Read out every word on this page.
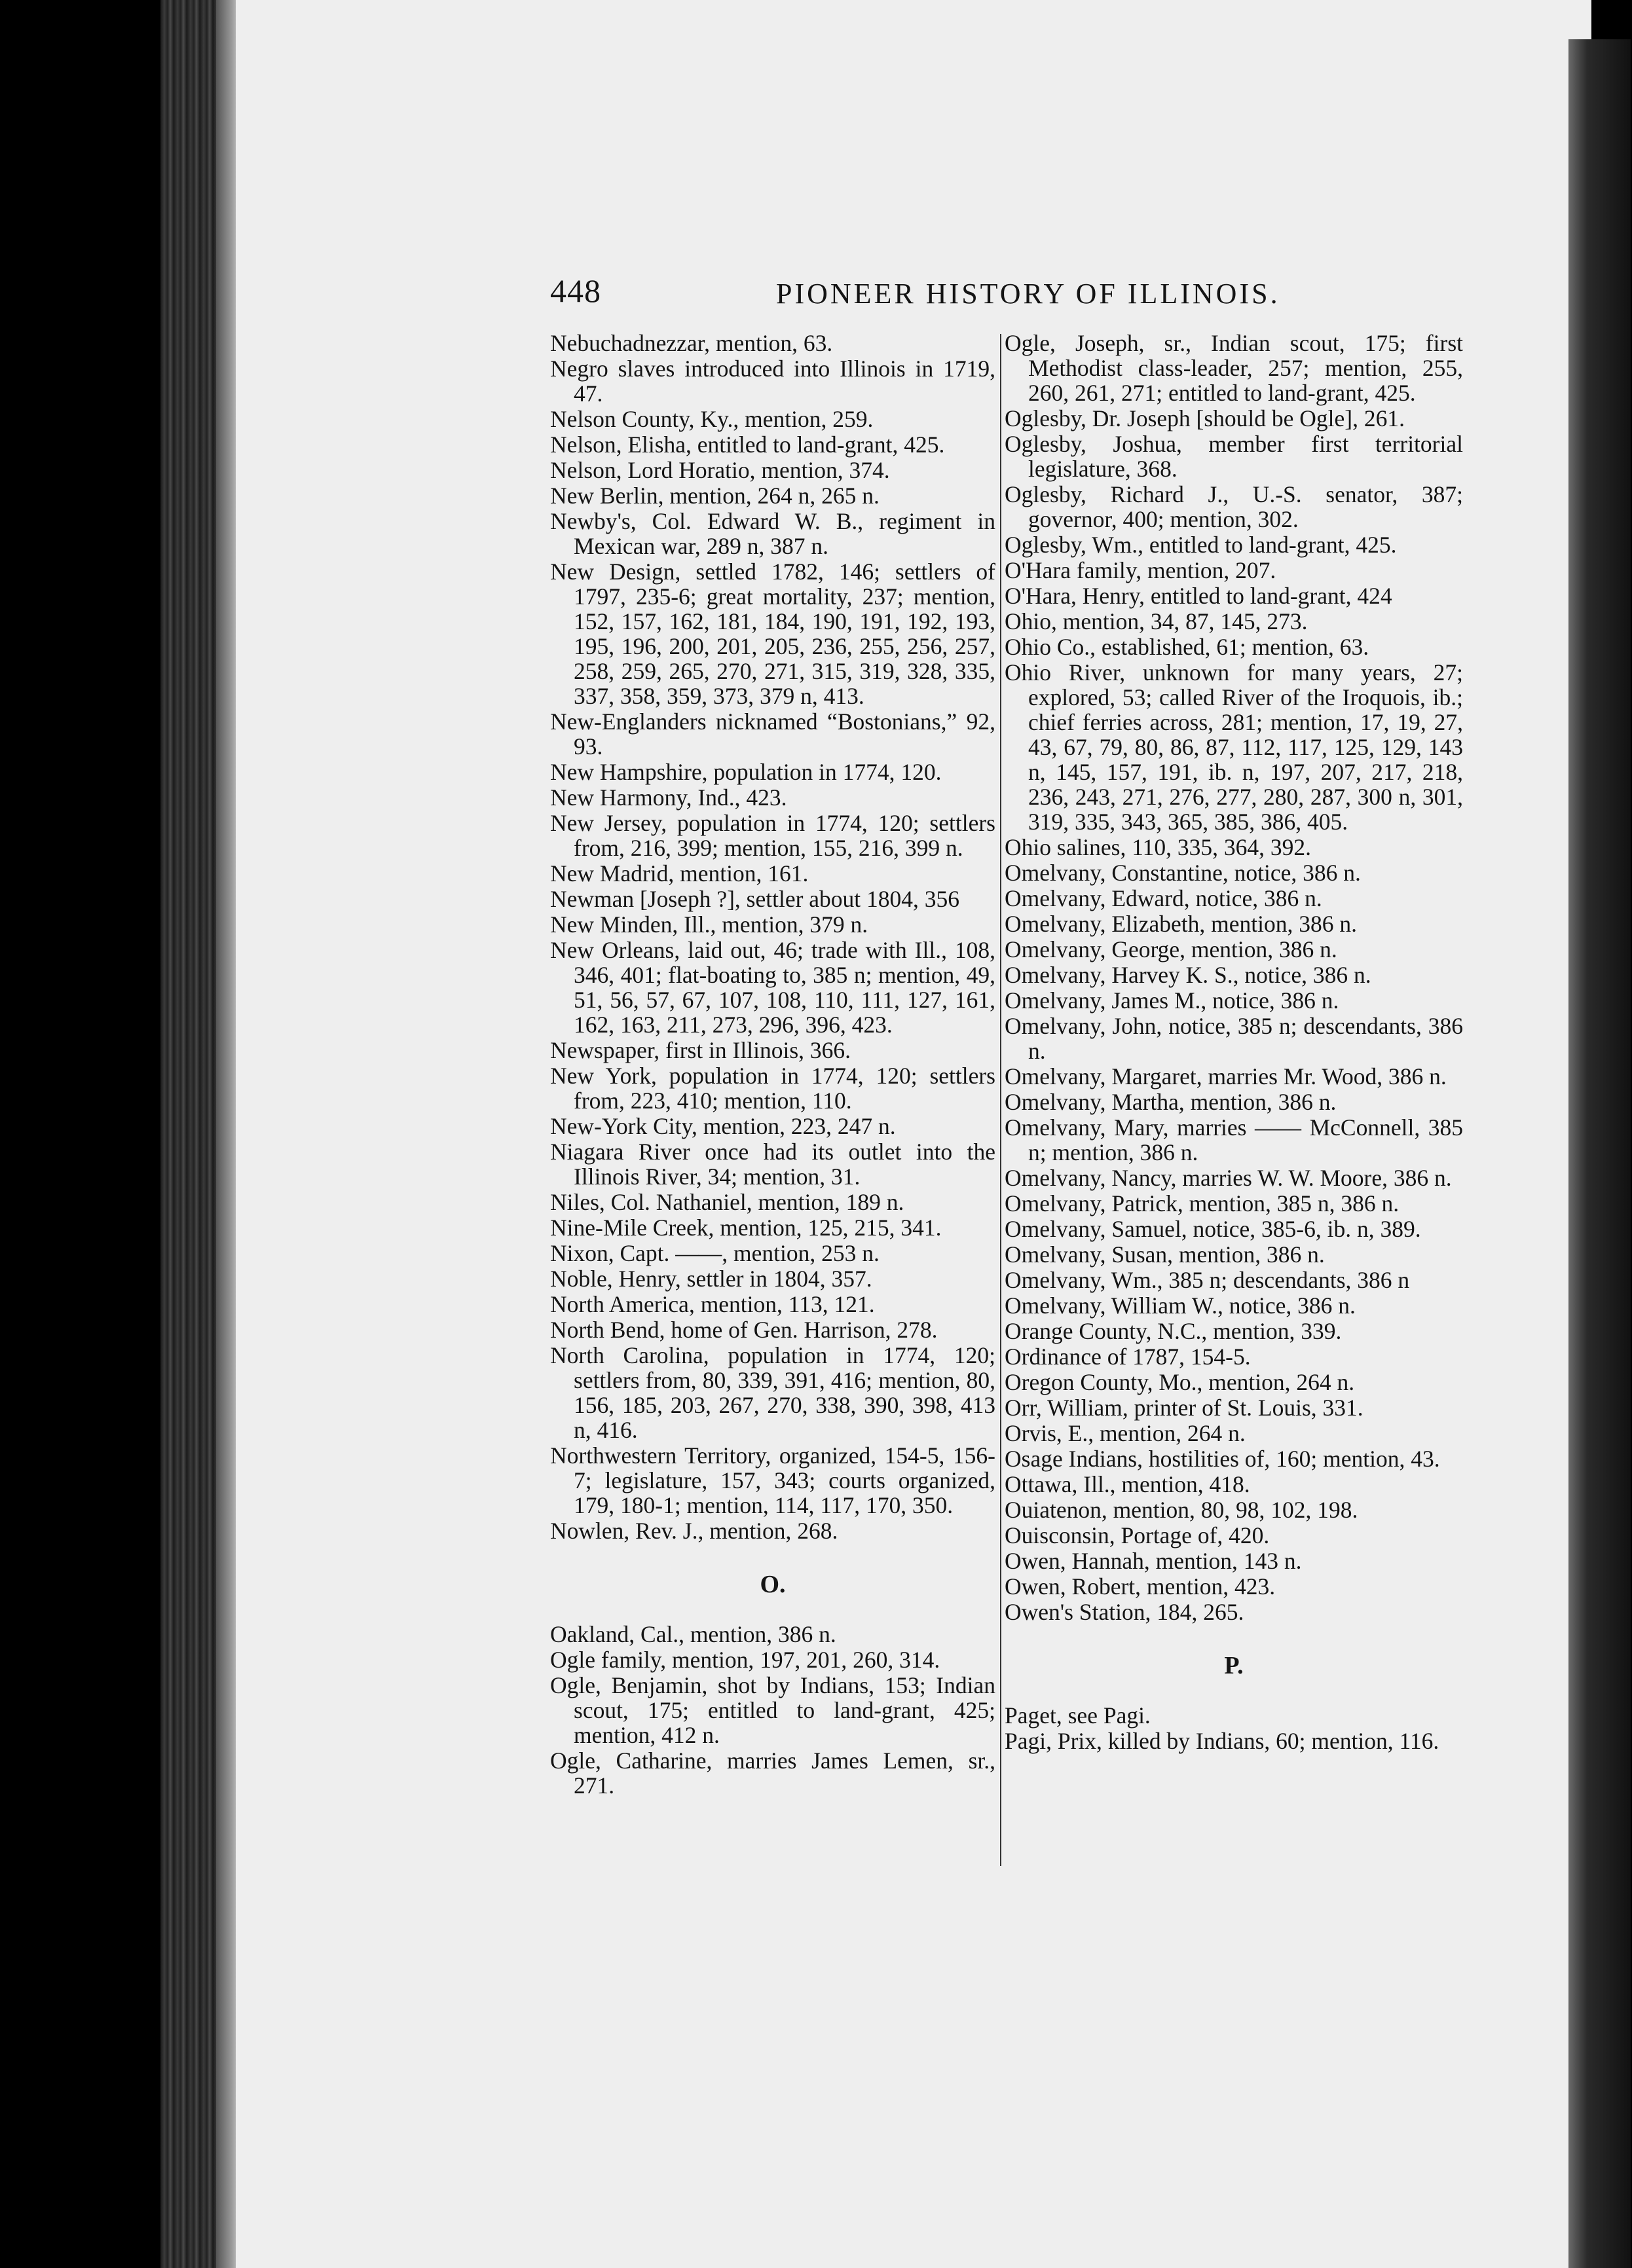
448	PIONEER HISTORY OF ILLINOIS.

Nebuchadnezzar, mention, 63.

Negro slaves introduced into Illinois in 1719, 47.

Nelson County, Ky., mention, 259.

Nelson, Elisha, entitled to land-grant, 425.

Nelson, Lord Horatio, mention, 374.

New Berlin, mention, 264 n, 265 n.

Newby's, Col. Edward W. B., regiment in Mexican war, 289 n, 387 n.

New Design, settled 1782, 146; settlers of 1797, 235-6; great mortality, 237; mention, 152, 157, 162, 181, 184, 190, 191, 192, 193, 195, 196, 200, 201, 205, 236, 255, 256, 257, 258, 259, 265, 270, 271, 315, 319, 328, 335, 337, 358, 359, 373, 379 n, 413.

New-Englanders nicknamed “Bostonians,” 92, 93.

New Hampshire, population in 1774, 120.

New Harmony, Ind., 423.

New Jersey, population in 1774, 120; settlers from, 216, 399; mention, 155, 216, 399 n.

New Madrid, mention, 161.

Newman [Joseph ?], settler about 1804, 356

New Minden, Ill., mention, 379 n.

New Orleans, laid out, 46; trade with Ill., 108, 346, 401; flat-boating to, 385 n; mention, 49, 51, 56, 57, 67, 107, 108, 110, 111, 127, 161, 162, 163, 211, 273, 296, 396, 423.

Newspaper, first in Illinois, 366.

New York, population in 1774, 120; settlers from, 223, 410; mention, 110.

New-York City, mention, 223, 247 n.

Niagara River once had its outlet into the Illinois River, 34; mention, 31.

Niles, Col. Nathaniel, mention, 189 n.

Nine-Mile Creek, mention, 125, 215, 341.

Nixon, Capt. ——, mention, 253 n.

Noble, Henry, settler in 1804, 357.

North America, mention, 113, 121.

North Bend, home of Gen. Harrison, 278.

North Carolina, population in 1774, 120; settlers from, 80, 339, 391, 416; mention, 80, 156, 185, 203, 267, 270, 338, 390, 398, 413 n, 416.

Northwestern Territory, organized, 154-5, 156-7; legislature, 157, 343; courts organized, 179, 180-1; mention, 114, 117, 170, 350.

Nowlen, Rev. J., mention, 268.

O.

Oakland, Cal., mention, 386 n.

Ogle family, mention, 197, 201, 260, 314.

Ogle, Benjamin, shot by Indians, 153; Indian scout, 175; entitled to land-grant, 425; mention, 412 n.

Ogle, Catharine, marries James Lemen, sr., 271.

Ogle, Joseph, sr., Indian scout, 175; first Methodist class-leader, 257; mention, 255, 260, 261, 271; entitled to land-grant, 425.

Oglesby, Dr. Joseph [should be Ogle], 261.

Oglesby, Joshua, member first territorial legislature, 368.

Oglesby, Richard J., U.-S. senator, 387; governor, 400; mention, 302.

Oglesby, Wm., entitled to land-grant, 425.

O'Hara family, mention, 207.

O'Hara, Henry, entitled to land-grant, 424

Ohio, mention, 34, 87, 145, 273.

Ohio Co., established, 61; mention, 63.

Ohio River, unknown for many years, 27; explored, 53; called River of the Iroquois, ib.; chief ferries across, 281; mention, 17, 19, 27, 43, 67, 79, 80, 86, 87, 112, 117, 125, 129, 143 n, 145, 157, 191, ib. n, 197, 207, 217, 218, 236, 243, 271, 276, 277, 280, 287, 300 n, 301, 319, 335, 343, 365, 385, 386, 405.

Ohio salines, 110, 335, 364, 392.

Omelvany, Constantine, notice, 386 n.

Omelvany, Edward, notice, 386 n.

Omelvany, Elizabeth, mention, 386 n.

Omelvany, George, mention, 386 n.

Omelvany, Harvey K. S., notice, 386 n.

Omelvany, James M., notice, 386 n.

Omelvany, John, notice, 385 n; descendants, 386 n.

Omelvany, Margaret, marries Mr. Wood, 386 n.

Omelvany, Martha, mention, 386 n.

Omelvany, Mary, marries —— McConnell, 385 n; mention, 386 n.

Omelvany, Nancy, marries W. W. Moore, 386 n.

Omelvany, Patrick, mention, 385 n, 386 n.

Omelvany, Samuel, notice, 385-6, ib. n, 389.

Omelvany, Susan, mention, 386 n.

Omelvany, Wm., 385 n; descendants, 386 n

Omelvany, William W., notice, 386 n.

Orange County, N.C., mention, 339.

Ordinance of 1787, 154-5.

Oregon County, Mo., mention, 264 n.

Orr, William, printer of St. Louis, 331.

Orvis, E., mention, 264 n.

Osage Indians, hostilities of, 160; mention, 43.

Ottawa, Ill., mention, 418.

Ouiatenon, mention, 80, 98, 102, 198.

Ouisconsin, Portage of, 420.

Owen, Hannah, mention, 143 n.

Owen, Robert, mention, 423.

Owen's Station, 184, 265.

P.

Paget, see Pagi.

Pagi, Prix, killed by Indians, 60; mention, 116.
